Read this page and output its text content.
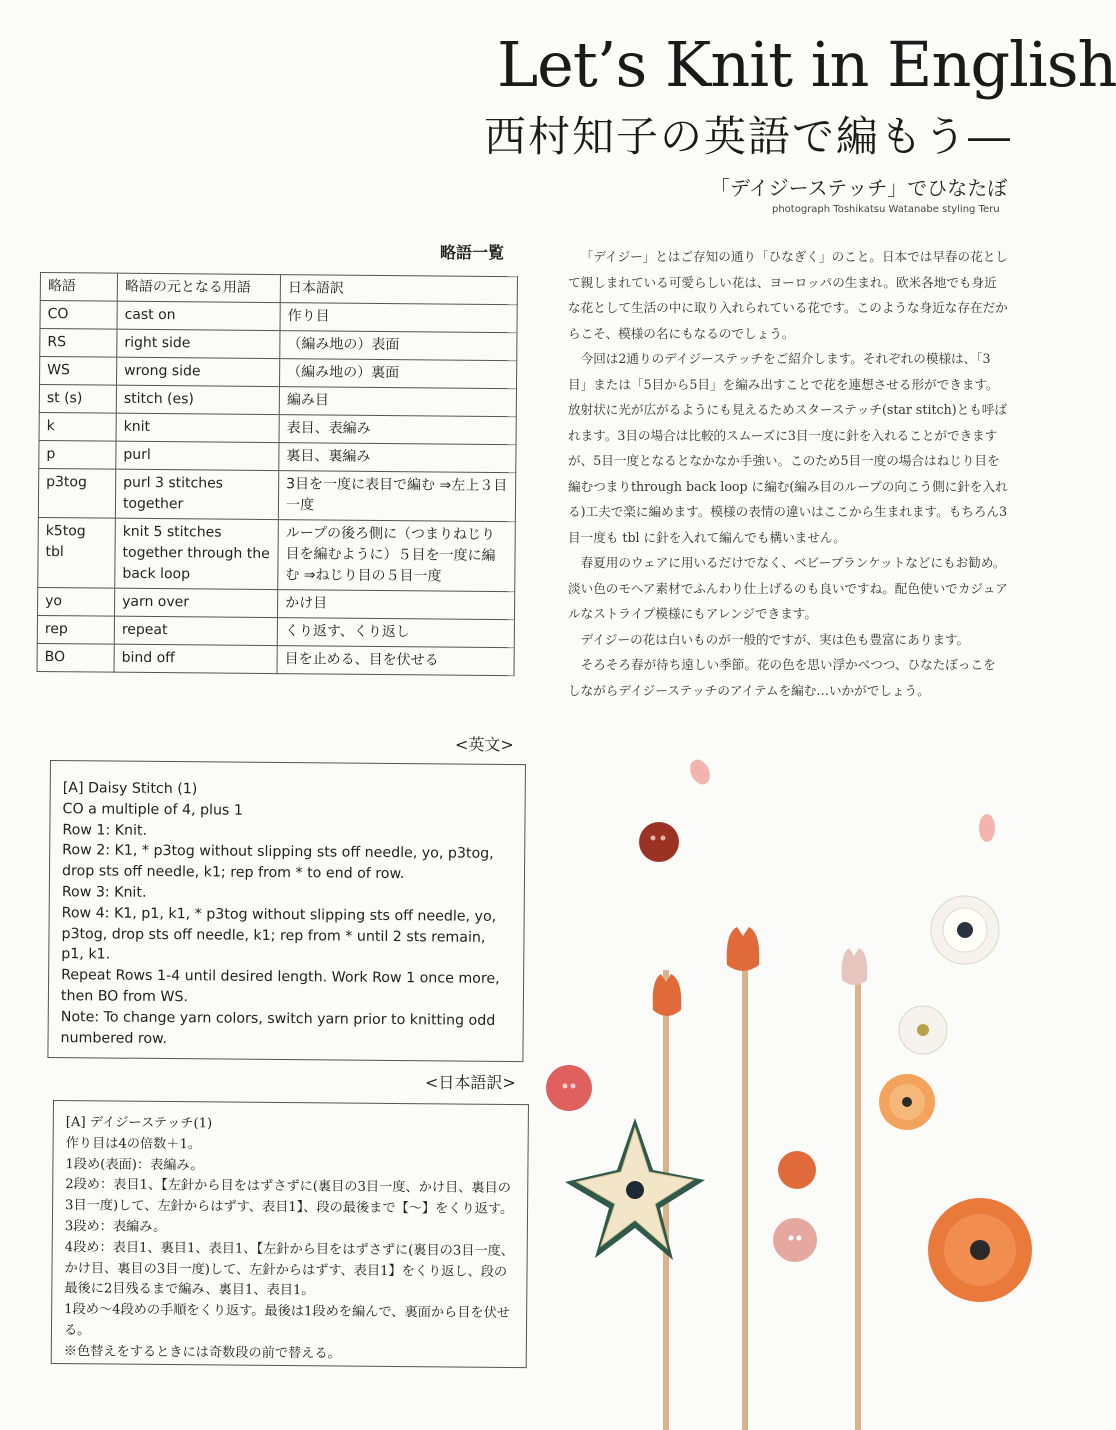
Let’s Knit in English
西村知子の英語で編もう―
「デイジーステッチ」でひなたぼ
photograph Toshikatsu Watanabe styling Teru
略語一覧
略語	略語の元となる用語	日本語訳
CO	cast on	作り目
RS	right side	（編み地の）表面
WS	wrong side	（編み地の）裏面
st (s)	stitch (es)	編み目
k	knit	表目、表編み
p	purl	裏目、裏編み
p3tog	purl 3 stitches together	3目を一度に表目で編む ⇒左上３目一度
k5tog tbl	knit 5 stitches together through the back loop	ループの後ろ側に（つまりねじり目を編むように）５目を一度に編む ⇒ねじり目の５目一度
yo	yarn over	かけ目
rep	repeat	くり返す、くり返し
BO	bind off	目を止める、目を伏せる
<英文>
[A] Daisy Stitch (1)
CO a multiple of 4, plus 1
Row 1: Knit.
Row 2: K1, * p3tog without slipping sts off needle, yo, p3tog, drop sts off needle, k1; rep from * to end of row.
Row 3: Knit.
Row 4: K1, p1, k1, * p3tog without slipping sts off needle, yo, p3tog, drop sts off needle, k1; rep from * until 2 sts remain, p1, k1.
Repeat Rows 1-4 until desired length. Work Row 1 once more, then BO from WS.
Note: To change yarn colors, switch yarn prior to knitting odd numbered row.
<日本語訳>
[A] デイジーステッチ(1)
作り目は4の倍数＋1。
1段め(表面)：表編み。
2段め：表目1、【左針から目をはずさずに(裏目の3目一度、かけ目、裏目の3目一度)して、左針からはずす、表目1】、段の最後まで【〜】をくり返す。
3段め：表編み。
4段め：表目1、裏目1、表目1、【左針から目をはずさずに(裏目の3目一度、かけ目、裏目の3目一度)して、左針からはずす、表目1】をくり返し、段の最後に2目残るまで編み、裏目1、表目1。
1段め〜4段めの手順をくり返す。最後は1段めを編んで、裏面から目を伏せる。
※色替えをするときには奇数段の前で替える。

「デイジー」とはご存知の通り「ひなぎく」のこと。日本では早春の花として親しまれている可愛らしい花は、ヨーロッパの生まれ。欧米各地でも身近な花として生活の中に取り入れられている花です。このような身近な存在だからこそ、模様の名にもなるのでしょう。

今回は2通りのデイジーステッチをご紹介します。それぞれの模様は、「3目」または「5目から5目」を編み出すことで花を連想させる形ができます。放射状に光が広がるようにも見えるためスターステッチ(star stitch)とも呼ばれます。3目の場合は比較的スムーズに3目一度に針を入れることができますが、5目一度となるとなかなか手強い。このため5目一度の場合はねじり目を編むつまりthrough back loop に編む(編み目のループの向こう側に針を入れる)工夫で楽に編めます。模様の表情の違いはここから生まれます。もちろん3目一度も tbl に針を入れて編んでも構いません。

春夏用のウェアに用いるだけでなく、ベビーブランケットなどにもお勧め。淡い色のモヘア素材でふんわり仕上げるのも良いですね。配色使いでカジュアルなストライプ模様にもアレンジできます。

デイジーの花は白いものが一般的ですが、実は色も豊富にあります。

そろそろ春が待ち遠しい季節。花の色を思い浮かべつつ、ひなたぼっこをしながらデイジーステッチのアイテムを編む…いかがでしょう。
